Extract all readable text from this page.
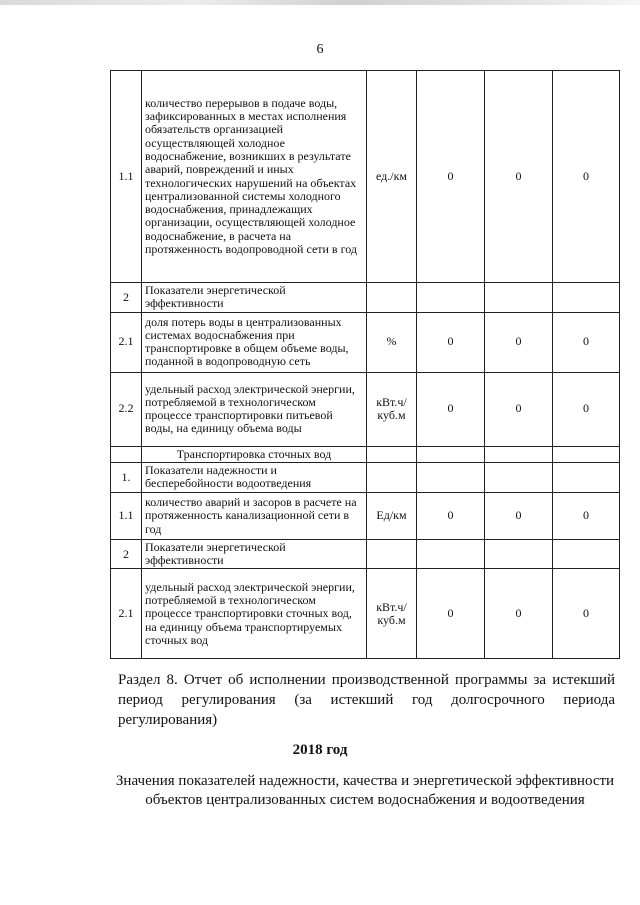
6
1.1	количество перерывов в подаче воды, зафиксированных в местах исполнения обязательств организацией осуществляющей холодное водоснабжение, возникших в результате аварий, повреждений и иных технологических нарушений на объектах централизованной системы холодного водоснабжения, принадлежащих организации, осуществляющей холодное водоснабжение, в расчета на протяженность водопроводной сети в год	ед./км	0	0	0
2	Показатели энергетической эффективности				
2.1	доля потерь воды в централизованных системах водоснабжения при транспортировке в общем объеме воды, поданной в водопроводную сеть	%	0	0	0
2.2	удельный расход электрической энергии, потребляемой в технологическом процессе транспортировки питьевой воды, на единицу объема воды	кВт.ч/ куб.м	0	0	0
	Транспортировка сточных вод				
1.	Показатели надежности и бесперебойности водоотведения				
1.1	количество аварий и засоров в расчете на протяженность канализационной сети в год	Ед/км	0	0	0
2	Показатели энергетической эффективности				
2.1	удельный расход электрической энергии, потребляемой в технологическом процессе транспортировки сточных вод, на единицу объема транспортируемых сточных вод	кВт.ч/ куб.м	0	0	0
Раздел 8. Отчет об исполнении производственной программы за истекший период регулирования (за истекший год долгосрочного периода регулирования)
2018 год
Значения показателей надежности, качества и энергетической эффективности объектов централизованных систем водоснабжения и водоотведения
